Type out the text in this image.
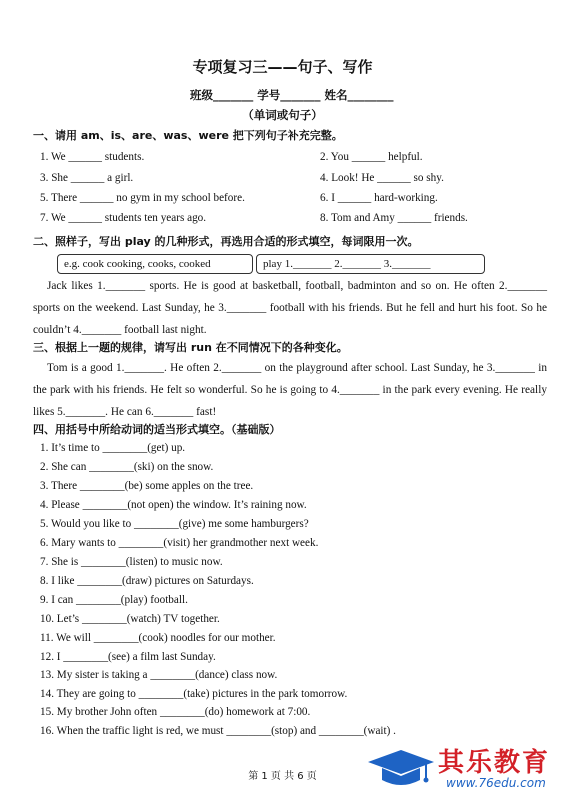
专项复习三——句子、写作
班级_______ 学号_______ 姓名________
（单词或句子）
一、请用 am、is、are、was、were 把下列句子补充完整。
1. We ______ students.	2. You ______ helpful.
3. She ______ a girl.	4. Look! He ______ so shy.
5. There ______ no gym in my school before.	6. I ______ hard-working.
7. We ______ students ten years ago.	8. Tom and Amy ______ friends.
二、照样子，写出 play 的几种形式，再选用合适的形式填空，每词限用一次。
e.g. cook cooking, cooks, cooked	play 1._______ 2._______ 3._______
Jack likes 1._______ sports. He is good at basketball, football, badminton and so on. He often 2._______ sports on the weekend. Last Sunday, he 3._______ football with his friends. But he fell and hurt his foot. So he couldn’t 4._______ football last night.
三、根据上一题的规律，请写出 run 在不同情况下的各种变化。
Tom is a good 1._______. He often 2._______ on the playground after school. Last Sunday, he 3._______ in the park with his friends. He felt so wonderful. So he is going to 4._______ in the park every evening. He really likes 5._______. He can 6._______ fast!
四、用括号中所给动词的适当形式填空。（基础版）
1. It’s time to ________(get) up.
2. She can ________(ski) on the snow.
3. There ________(be) some apples on the tree.
4. Please ________(not open) the window. It’s raining now.
5. Would you like to ________(give) me some hamburgers?
6. Mary wants to ________(visit) her grandmother next week.
7. She is ________(listen) to music now.
8. I like ________(draw) pictures on Saturdays.
9. I can ________(play) football.
10. Let’s ________(watch) TV together.
11. We will ________(cook) noodles for our mother.
12. I ________(see) a film last Sunday.
13. My sister is taking a ________(dance) class now.
14. They are going to ________(take) pictures in the park tomorrow.
15. My brother John often ________(do) homework at 7:00.
16. When the traffic light is red, we must ________(stop) and ________(wait) .
第 1 页 共 6 页	其乐教育
www.76edu.com
